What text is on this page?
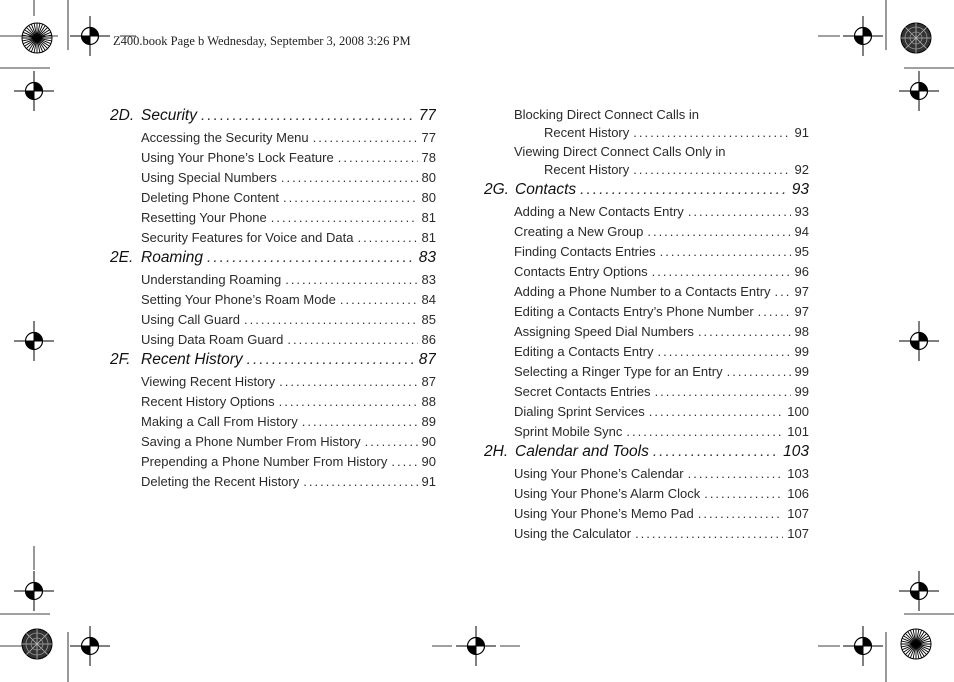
Z400.book Page b Wednesday, September 3, 2008 3:26 PM
2D. Security .....	77
Accessing the Security Menu .....	77
Using Your Phone’s Lock Feature .....	78
Using Special Numbers .....	80
Deleting Phone Content .....	80
Resetting Your Phone .....	81
Security Features for Voice and Data .....	81
2E. Roaming .....	83
Understanding Roaming .....	83
Setting Your Phone’s Roam Mode .....	84
Using Call Guard .....	85
Using Data Roam Guard .....	86
2F. Recent History .....	87
Viewing Recent History .....	87
Recent History Options .....	88
Making a Call From History .....	89
Saving a Phone Number From History .....	90
Prepending a Phone Number From History .....	90
Deleting the Recent History .....	91
Blocking Direct Connect Calls in
Recent History .....	91
Viewing Direct Connect Calls Only in
Recent History .....	92
2G. Contacts .....	93
Adding a New Contacts Entry .....	93
Creating a New Group .....	94
Finding Contacts Entries .....	95
Contacts Entry Options .....	96
Adding a Phone Number to a Contacts Entry ..... 97
Editing a Contacts Entry’s Phone Number .....	97
Assigning Speed Dial Numbers .....	98
Editing a Contacts Entry .....	99
Selecting a Ringer Type for an Entry .....	99
Secret Contacts Entries .....	99
Dialing Sprint Services .....	100
Sprint Mobile Sync .....	101
2H. Calendar and Tools .....	103
Using Your Phone’s Calendar .....	103
Using Your Phone’s Alarm Clock .....	106
Using Your Phone’s Memo Pad .....	107
Using the Calculator .....	107
